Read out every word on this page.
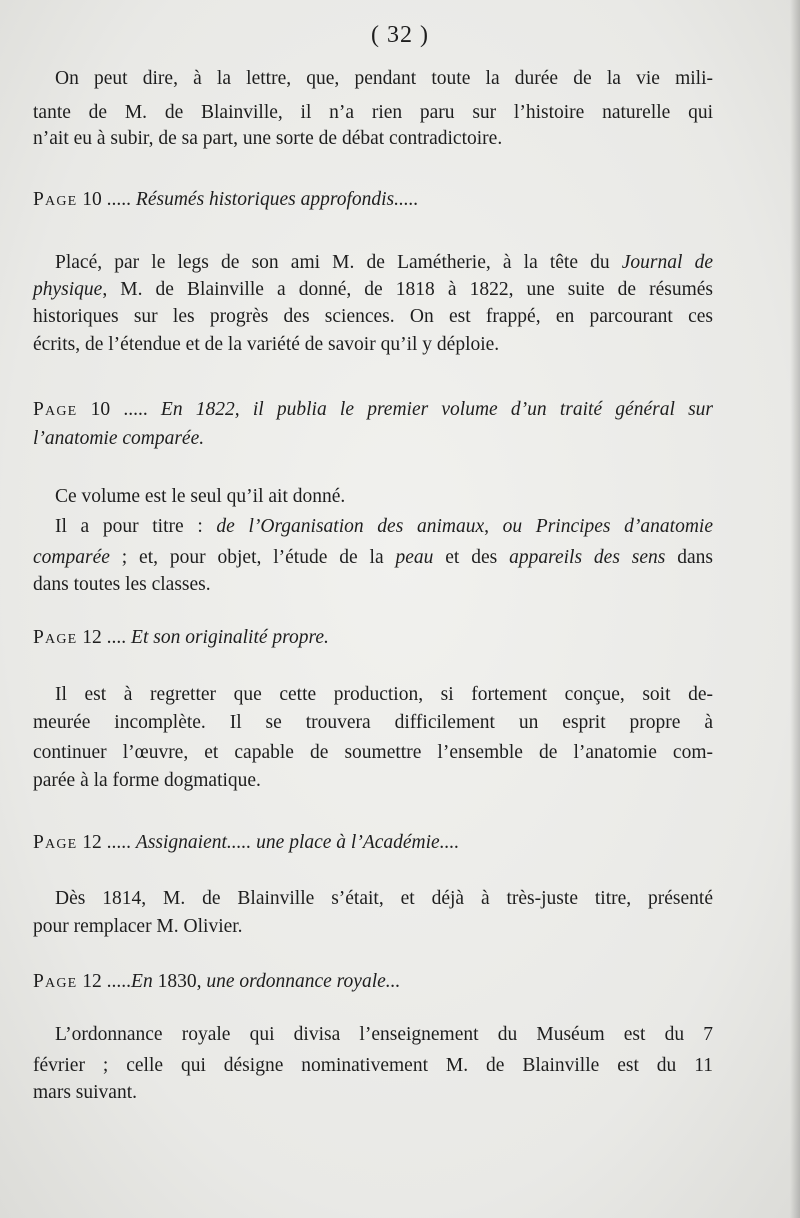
( 32 )
On peut dire, à la lettre, que, pendant toute la durée de la vie mili-
tante de M. de Blainville, il n’a rien paru sur l’histoire naturelle qui
n’ait eu à subir, de sa part, une sorte de débat contradictoire.
Page 10 ..... Résumés historiques approfondis.....
Placé, par le legs de son ami M. de Lamétherie, à la tête du Journal de
physique, M. de Blainville a donné, de 1818 à 1822, une suite de résumés
historiques sur les progrès des sciences. On est frappé, en parcourant ces
écrits, de l’étendue et de la variété de savoir qu’il y déploie.
Page 10 ..... En 1822, il publia le premier volume d’un traité général sur
l’anatomie comparée.
Ce volume est le seul qu’il ait donné.
Il a pour titre : de l’Organisation des animaux, ou Principes d’anatomie
comparée ; et, pour objet, l’étude de la peau et des appareils des sens dans
dans toutes les classes.
Page 12 .... Et son originalité propre.
Il est à regretter que cette production, si fortement conçue, soit de-
meurée incomplète. Il se trouvera difficilement un esprit propre à
continuer l’œuvre, et capable de soumettre l’ensemble de l’anatomie com-
parée à la forme dogmatique.
Page 12 ..... Assignaient..... une place à l’Académie....
Dès 1814, M. de Blainville s’était, et déjà à très-juste titre, présenté
pour remplacer M. Olivier.
Page 12 .....En 1830, une ordonnance royale...
L’ordonnance royale qui divisa l’enseignement du Muséum est du 7
février ; celle qui désigne nominativement M. de Blainville est du 11
mars suivant.
